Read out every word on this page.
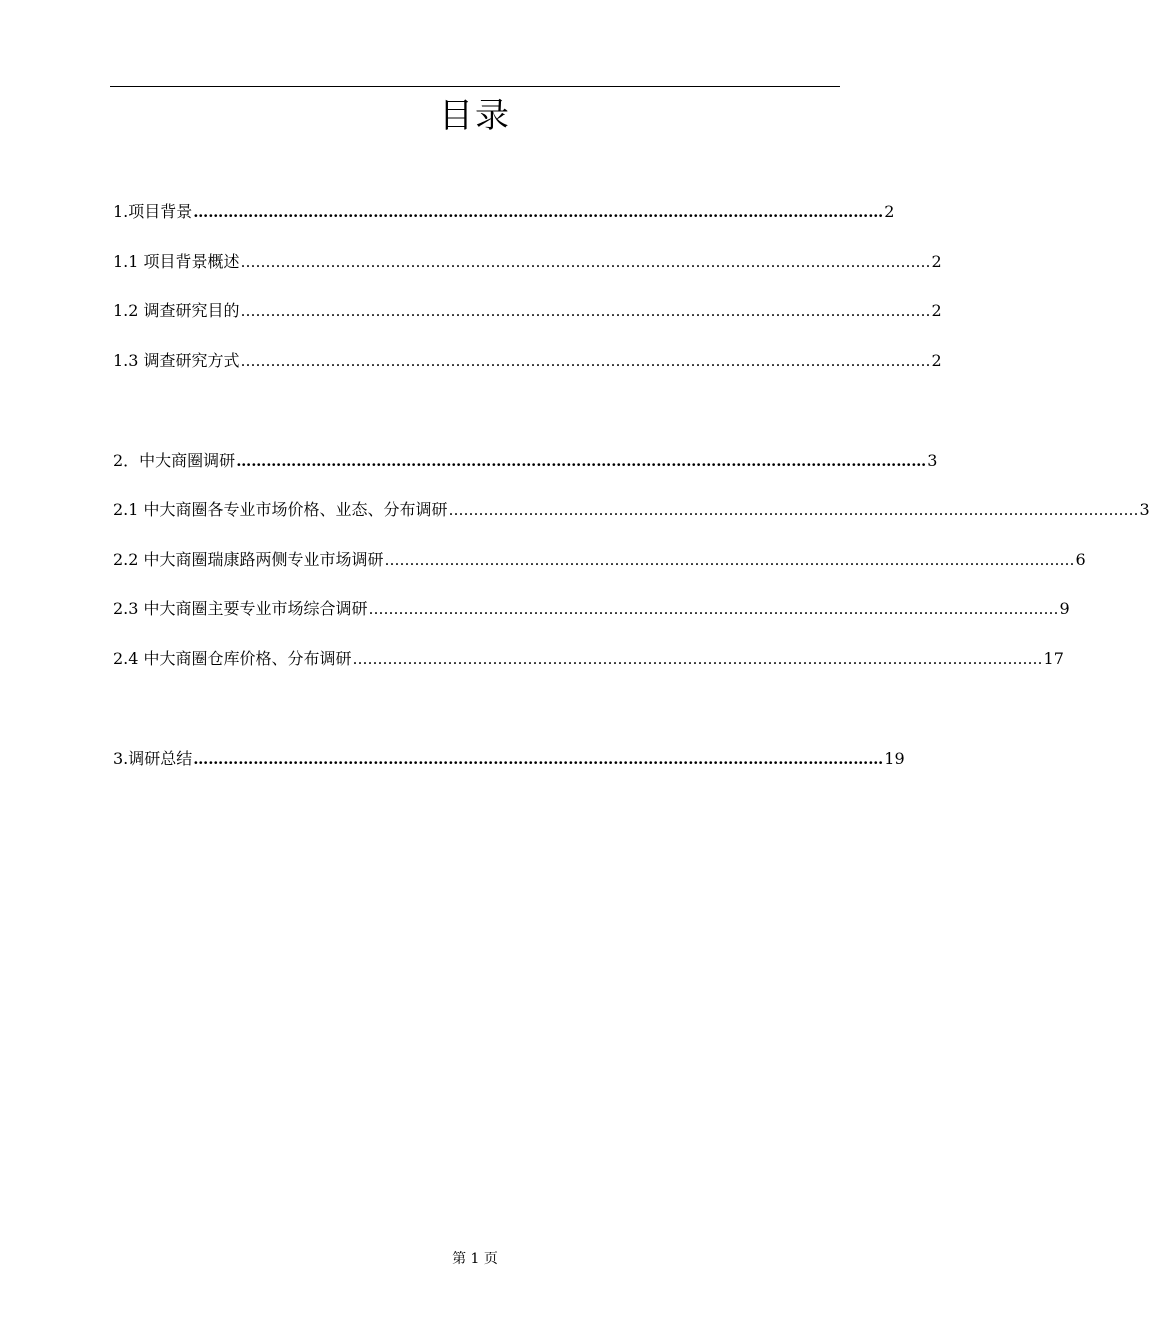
目录
1.项目背景 ………………………………………………………………………………………………………………………… 2
1.1 项目背景概述 ………………………………………………………………………………………………………………………… 2
1.2 调查研究目的 ………………………………………………………………………………………………………………………… 2
1.3 调查研究方式 ………………………………………………………………………………………………………………………… 2
2．中大商圈调研 ………………………………………………………………………………………………………………………… 3
2.1 中大商圈各专业市场价格、业态、分布调研 ………………………………………………………………………………………………………………………… 3
2.2 中大商圈瑞康路两侧专业市场调研 ………………………………………………………………………………………………………………………… 6
2.3 中大商圈主要专业市场综合调研 ………………………………………………………………………………………………………………………… 9
2.4 中大商圈仓库价格、分布调研 ………………………………………………………………………………………………………………………… 17
3.调研总结 ………………………………………………………………………………………………………………………… 19
第 1 页
